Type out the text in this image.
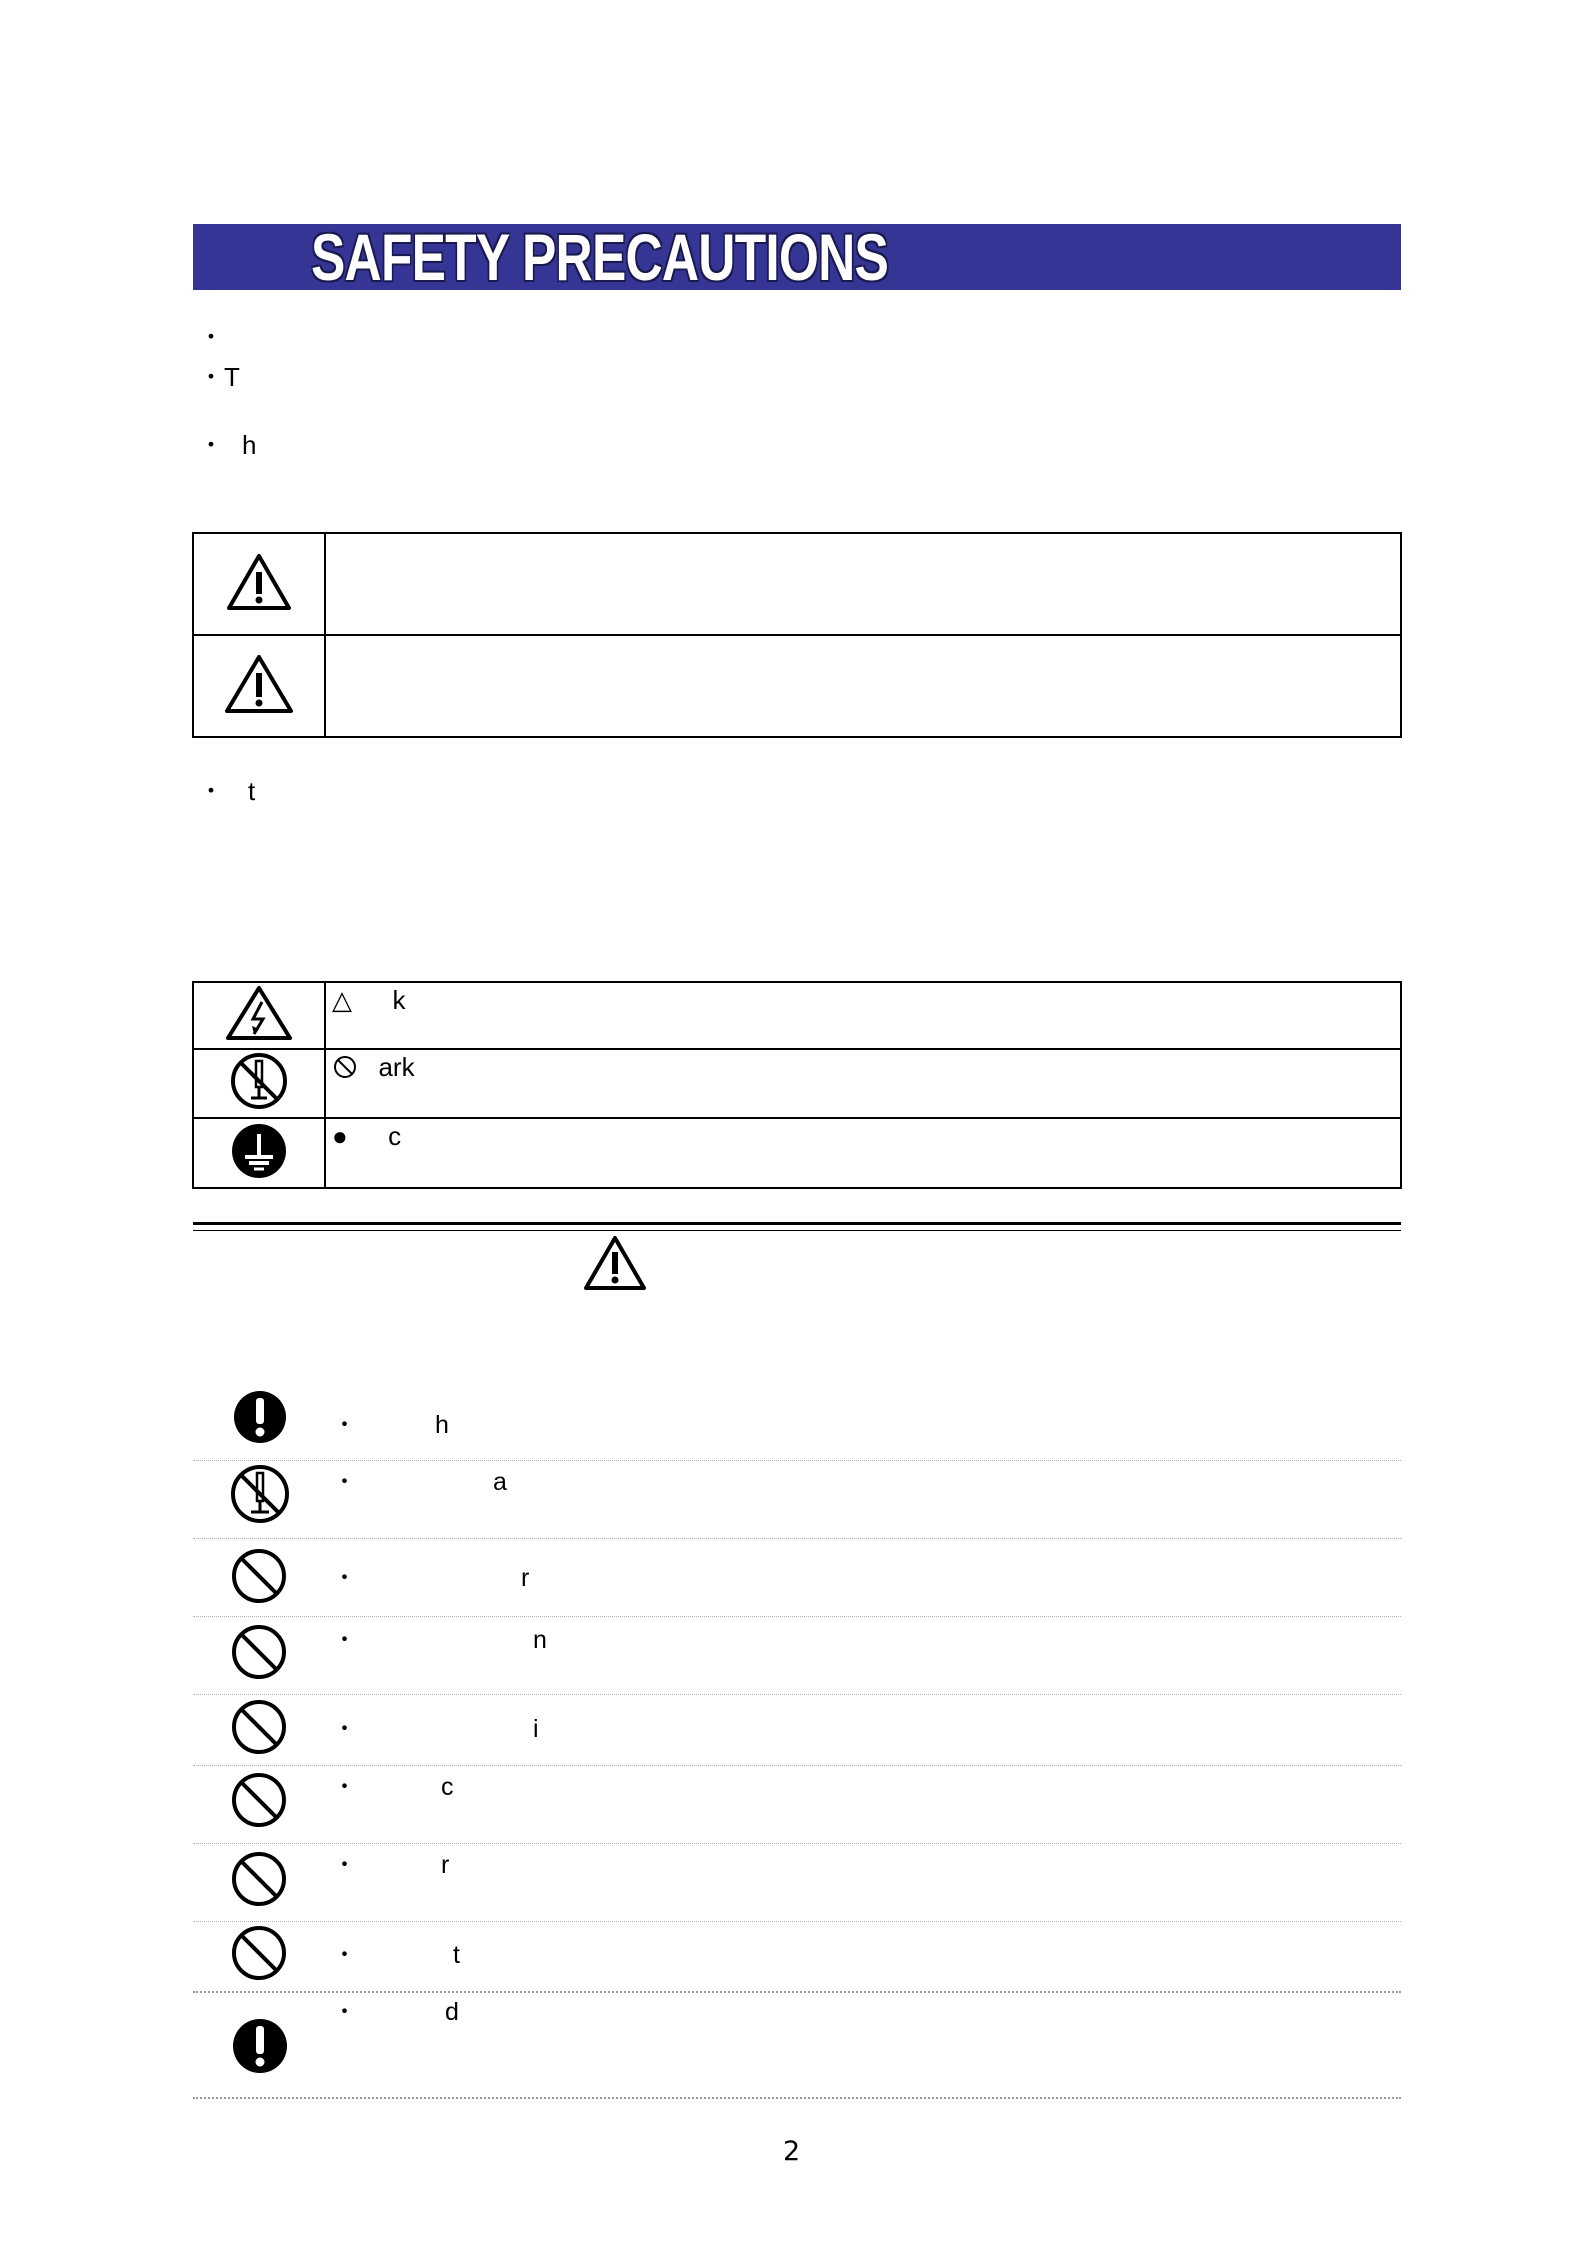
SAFETY PRECAUTIONS
・
・T
・ h

・ t
	△ k
	ark
	● c
・	h
・	a
・	r
・	n
・	i
・	c
・	r
・	t
・	d
2
